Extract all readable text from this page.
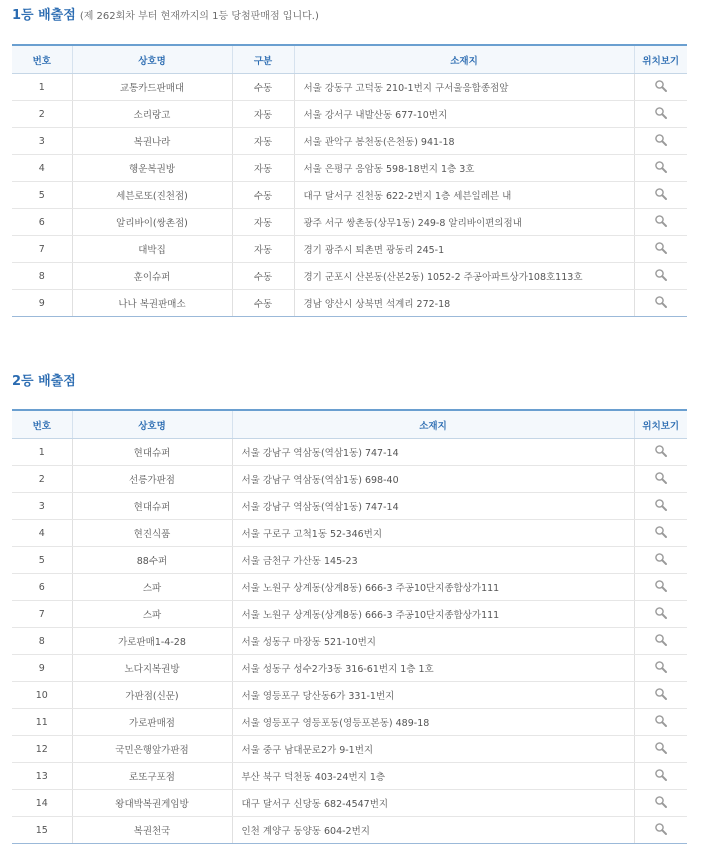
1등 배출점 (제 262회차 부터 현재까지의 1등 당첨판매점 입니다.)
번호	상호명	구분	소재지	위치보기
1	교통카드판매대	수동	서울 강동구 고덕동 210-1번지 구서울응합종점앞	

2	소리랑고	자동	서울 강서구 내발산동 677-10번지	

3	복권나라	자동	서울 관악구 봉천동(은천동) 941-18	

4	행운복권방	자동	서울 은평구 응암동 598-18번지 1층 3호	

5	세븐로또(진천점)	수동	대구 달서구 진천동 622-2번지 1층 세븐일레븐 내	

6	알리바이(쌍촌점)	자동	광주 서구 쌍촌동(상무1동) 249-8 알리바이편의점내	

7	대박집	자동	경기 광주시 퇴촌면 광동리 245-1	

8	훈이슈퍼	수동	경기 군포시 산본동(산본2동) 1052-2 주공아파트상가108호113호	

9	나나 복권판매소	수동	경남 양산시 상북면 석계리 272-18	
2등 배출점
번호	상호명	소재지	위치보기
1	현대슈퍼	서울 강남구 역삼동(역삼1동) 747-14	

2	선릉가판점	서울 강남구 역삼동(역삼1동) 698-40	

3	현대슈퍼	서울 강남구 역삼동(역삼1동) 747-14	

4	현진식품	서울 구로구 고척1동 52-346번지	

5	88수퍼	서울 금천구 가산동 145-23	

6	스파	서울 노원구 상계동(상계8동) 666-3 주공10단지종합상가111	

7	스파	서울 노원구 상계동(상계8동) 666-3 주공10단지종합상가111	

8	가로판매1-4-28	서울 성동구 마장동 521-10번지	

9	노다지복권방	서울 성동구 성수2가3동 316-61번지 1층 1호	

10	가판점(신문)	서울 영등포구 당산동6가 331-1번지	

11	가로판매점	서울 영등포구 영등포동(영등포본동) 489-18	

12	국민은행앞가판점	서울 중구 남대문로2가 9-1번지	

13	로또구포점	부산 북구 덕천동 403-24번지 1층	

14	왕대박복권게임방	대구 달서구 신당동 682-4547번지	

15	복권천국	인천 계양구 동양동 604-2번지	
